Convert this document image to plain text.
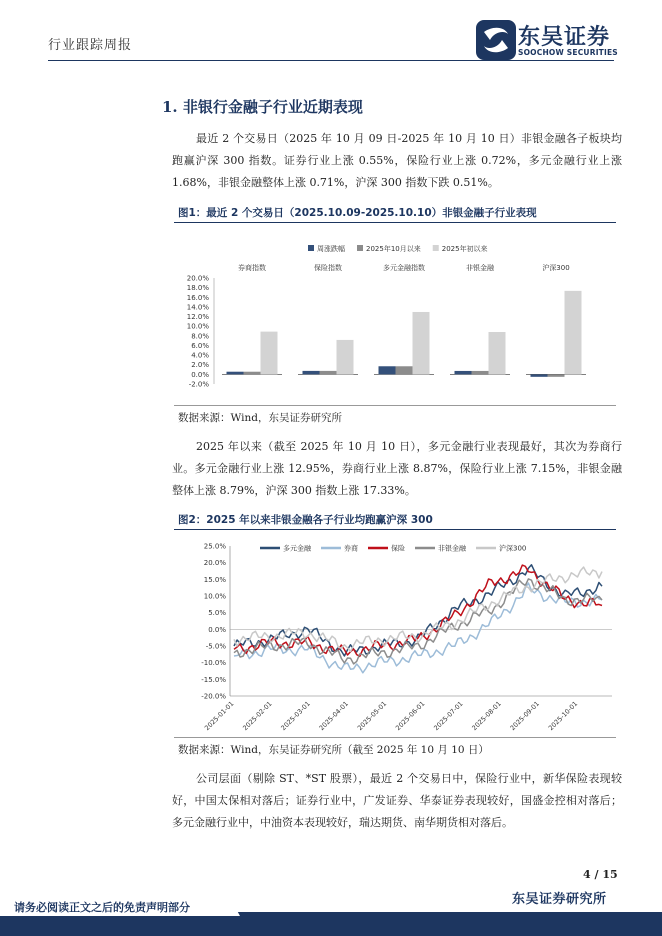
行业跟踪周报	东吴证券
SOOCHOW SECURITIES
1. 非银行金融子行业近期表现
最近 2 个交易日（2025 年 10 月 09 日-2025 年 10 月 10 日）非银金融各子板块均跑赢沪深 300 指数。证券行业上涨 0.55%，保险行业上涨 0.72%，多元金融行业上涨 1.68%，非银金融整体上涨 0.71%，沪深 300 指数下跌 0.51%。
图1：最近 2 个交易日（2025.10.09-2025.10.10）非银金融子行业表现
周涨跌幅	2025年10月以来	2025年初以来
20.0%
18.0%
16.0%
14.0%
12.0%
10.0%
8.0%
6.0%
4.0%
2.0%
0.0%
-2.0%
券商指数	保险指数	多元金融指数	非银金融	沪深300
数据来源：Wind，东吴证券研究所
2025 年以来（截至 2025 年 10 月 10 日），多元金融行业表现最好，其次为券商行业。多元金融行业上涨 12.95%，券商行业上涨 8.87%，保险行业上涨 7.15%，非银金融整体上涨 8.79%，沪深 300 指数上涨 17.33%。
图2：2025 年以来非银金融各子行业均跑赢沪深 300
25.0%
20.0%
15.0%
10.0%
5.0%
0.0%
-5.0%
-10.0%
-15.0%
-20.0%
2025-01-01 2025-02-01 2025-03-01 2025-04-01 2025-05-01 2025-06-01 2025-07-01 2025-08-01 2025-09-01 2025-10-01
多元金融	券商	保险	非银金融	沪深300
数据来源：Wind，东吴证券研究所（截至 2025 年 10 月 10 日）
公司层面（剔除 ST、*ST 股票），最近 2 个交易日中，保险行业中，新华保险表现较好，中国太保相对落后；证券行业中，广发证券、华泰证券表现较好，国盛金控相对落后；多元金融行业中，中油资本表现较好，瑞达期货、南华期货相对落后。
4 / 15
东吴证券研究所
请务必阅读正文之后的免责声明部分
